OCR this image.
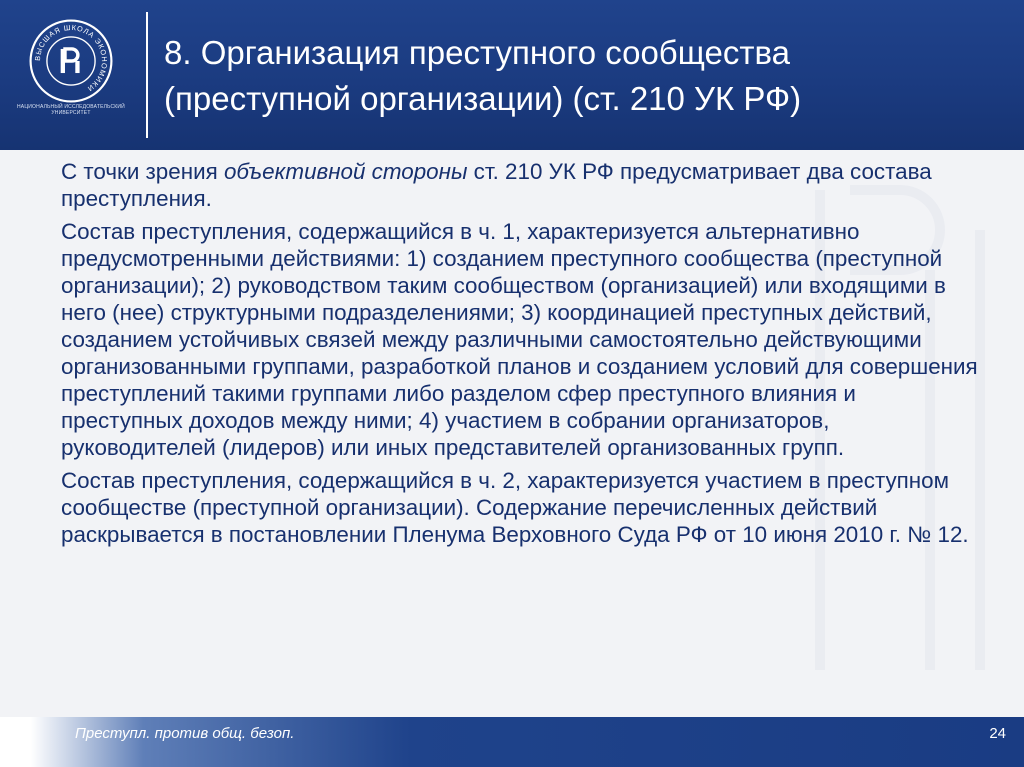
ВЫСШАЯ ШКОЛА ЭКОНОМИКИ
НАЦИОНАЛЬНЫЙ ИССЛЕДОВАТЕЛЬСКИЙ
УНИВЕРСИТЕТ
8. Организация преступного сообщества
(преступной организации) (ст. 210 УК РФ)

С точки зрения объективной стороны ст. 210 УК РФ предусматривает два состава преступления.

Состав преступления, содержащийся в ч. 1, характеризуется альтернативно предусмотренными действиями: 1) созданием преступного сообщества (преступной организации); 2) руководством таким сообществом (организацией) или входящими в него (нее) структурными подразделениями; 3) координацией преступных действий, созданием устойчивых связей между различными самостоятельно действующими организованными группами, разработкой планов и созданием условий для совершения преступлений такими группами либо разделом сфер преступного влияния и преступных доходов между ними; 4) участием в собрании организаторов, руководителей (лидеров) или иных представителей организованных групп.

Состав преступления, содержащийся в ч. 2, характеризуется участием в преступном сообществе (преступной организации). Содержание перечисленных действий раскрывается в постановлении Пленума Верховного Суда РФ от 10 июня 2010 г. № 12.

Преступл. против общ. безоп.	24
